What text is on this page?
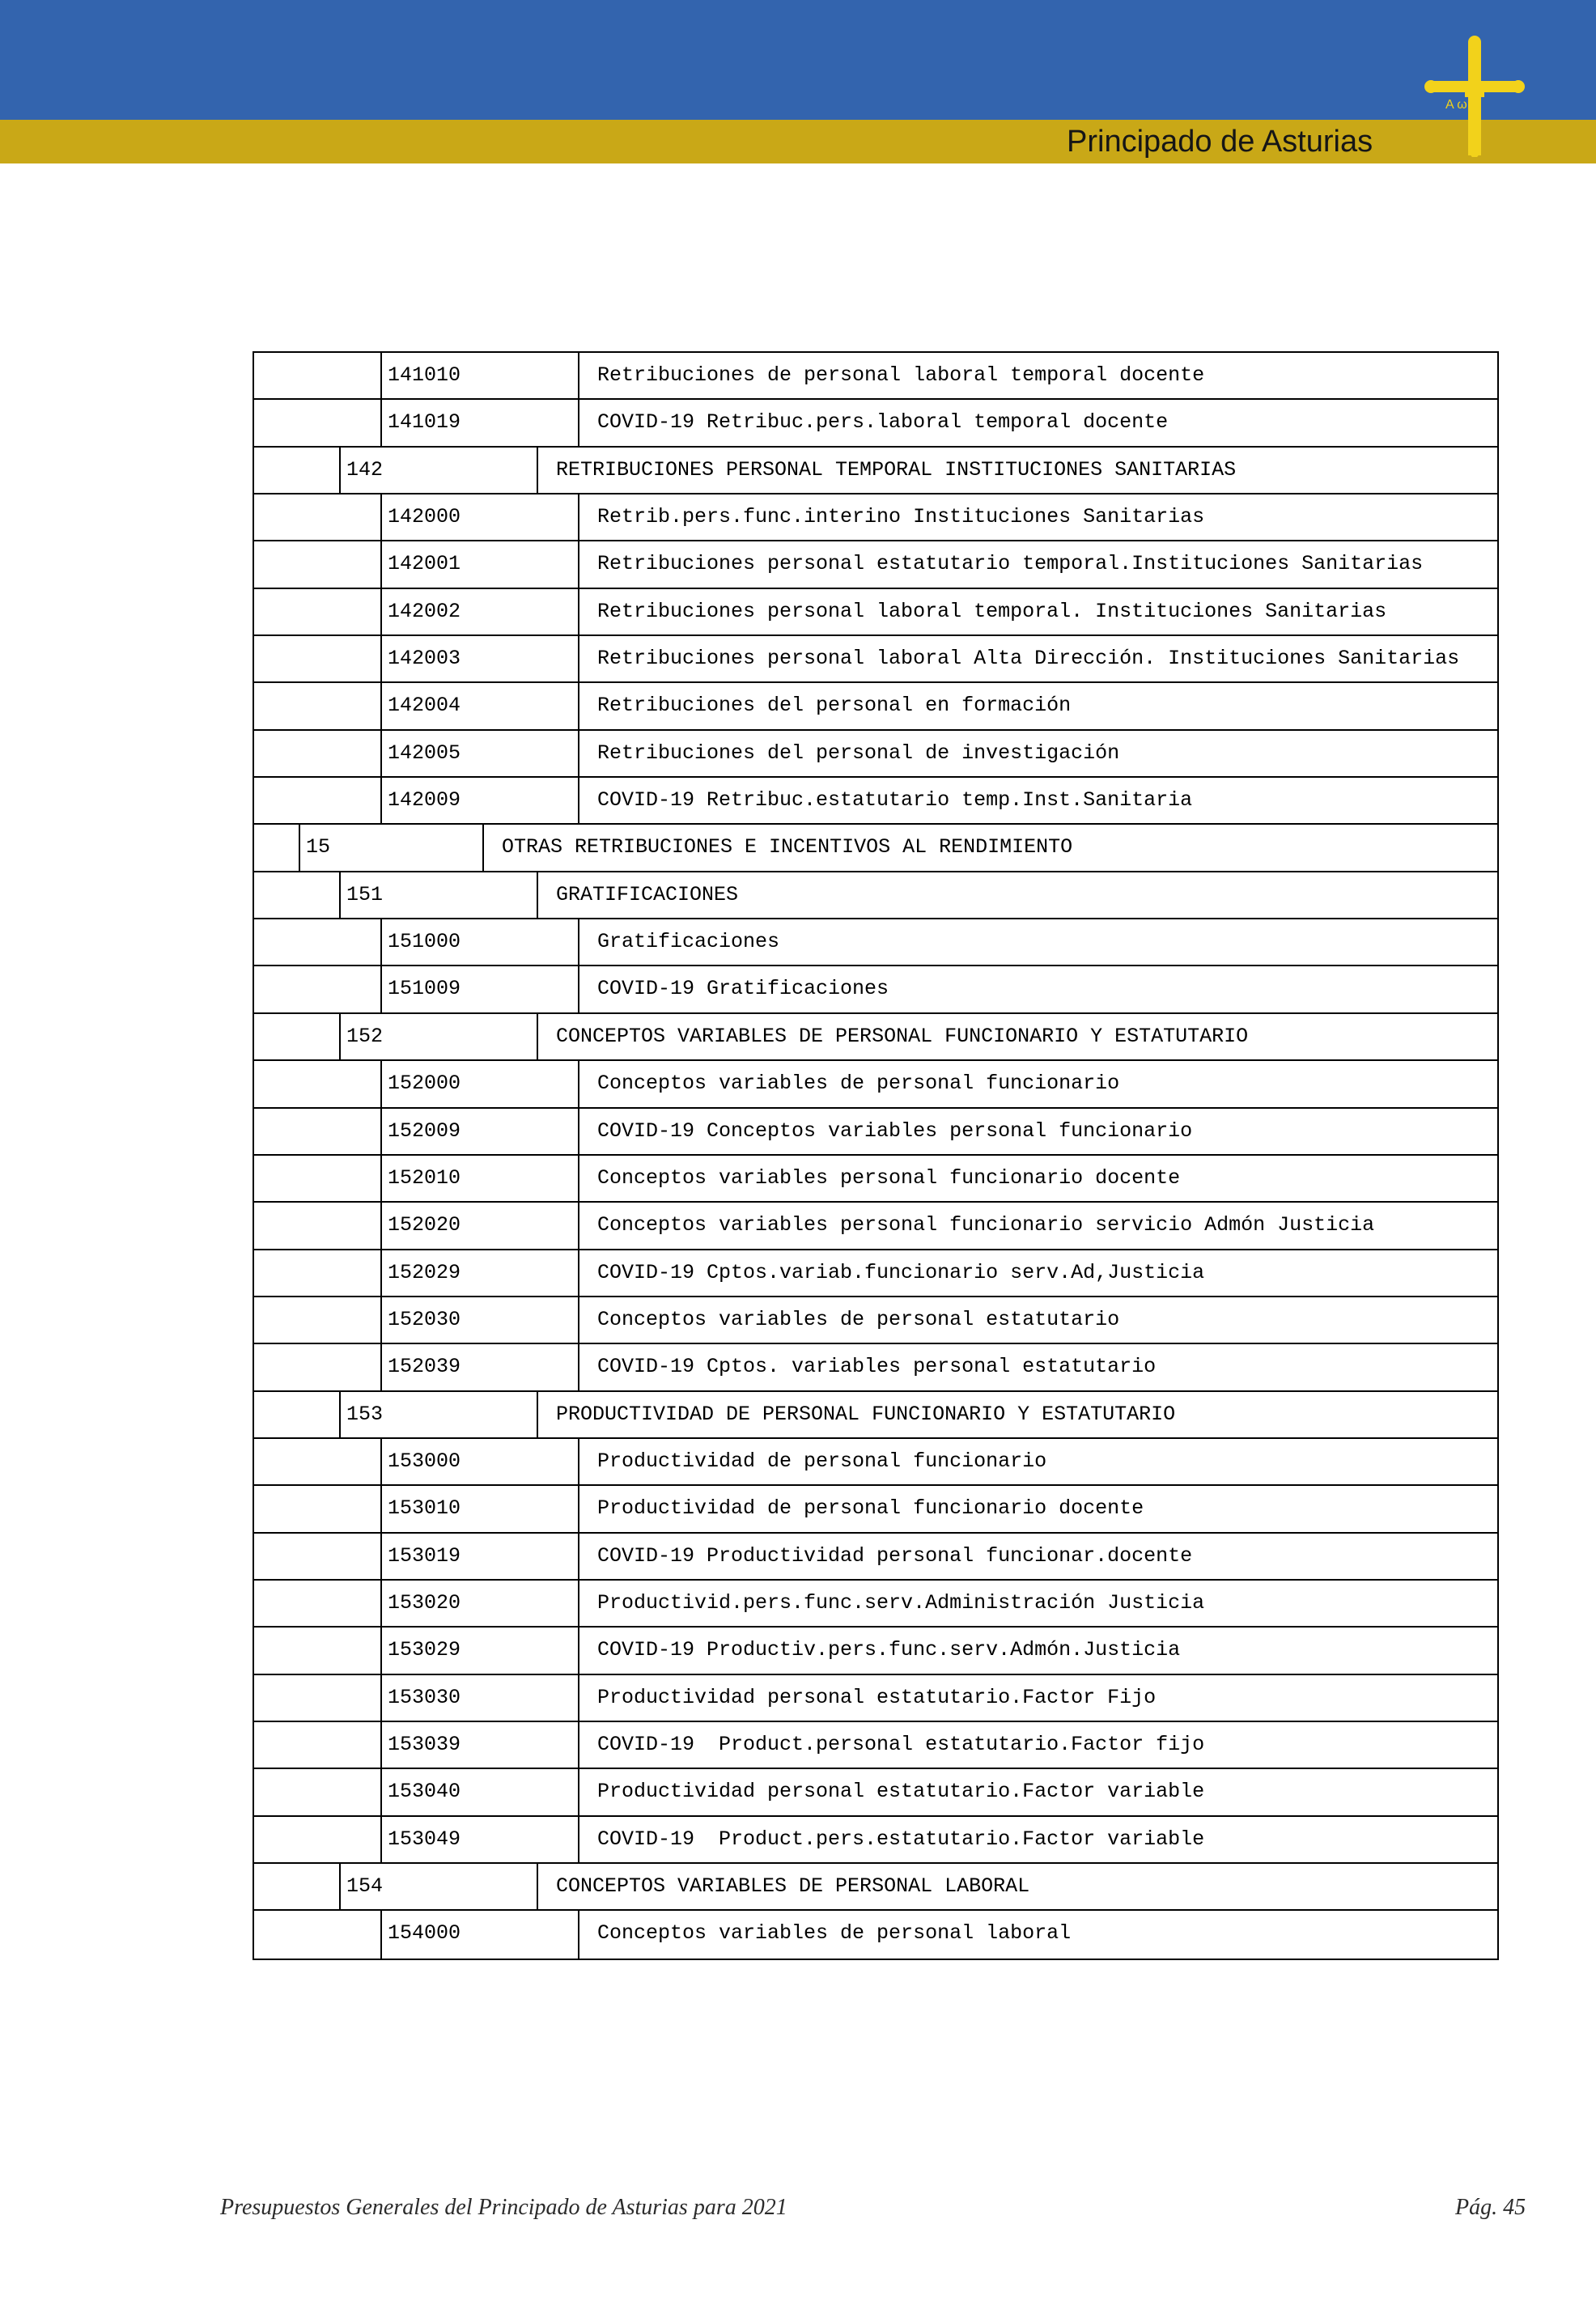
Principado de Asturias
A ω
141010	Retribuciones de personal laboral temporal docente
141019	COVID-19 Retribuc.pers.laboral temporal docente
142	RETRIBUCIONES PERSONAL TEMPORAL INSTITUCIONES SANITARIAS
142000	Retrib.pers.func.interino Instituciones Sanitarias
142001	Retribuciones personal estatutario temporal.Instituciones Sanitarias
142002	Retribuciones personal laboral temporal. Instituciones Sanitarias
142003	Retribuciones personal laboral Alta Dirección. Instituciones Sanitarias
142004	Retribuciones del personal en formación
142005	Retribuciones del personal de investigación
142009	COVID-19 Retribuc.estatutario temp.Inst.Sanitaria
15	OTRAS RETRIBUCIONES E INCENTIVOS AL RENDIMIENTO
151	GRATIFICACIONES
151000	Gratificaciones
151009	COVID-19 Gratificaciones
152	CONCEPTOS VARIABLES DE PERSONAL FUNCIONARIO Y ESTATUTARIO
152000	Conceptos variables de personal funcionario
152009	COVID-19 Conceptos variables personal funcionario
152010	Conceptos variables personal funcionario docente
152020	Conceptos variables personal funcionario servicio Admón Justicia
152029	COVID-19 Cptos.variab.funcionario serv.Ad,Justicia
152030	Conceptos variables de personal estatutario
152039	COVID-19 Cptos. variables personal estatutario
153	PRODUCTIVIDAD DE PERSONAL FUNCIONARIO Y ESTATUTARIO
153000	Productividad de personal funcionario
153010	Productividad de personal funcionario docente
153019	COVID-19 Productividad personal funcionar.docente
153020	Productivid.pers.func.serv.Administración Justicia
153029	COVID-19 Productiv.pers.func.serv.Admón.Justicia
153030	Productividad personal estatutario.Factor Fijo
153039	COVID-19  Product.personal estatutario.Factor fijo
153040	Productividad personal estatutario.Factor variable
153049	COVID-19  Product.pers.estatutario.Factor variable
154	CONCEPTOS VARIABLES DE PERSONAL LABORAL
154000	Conceptos variables de personal laboral
Presupuestos Generales del Principado de Asturias para 2021	Pág. 45
